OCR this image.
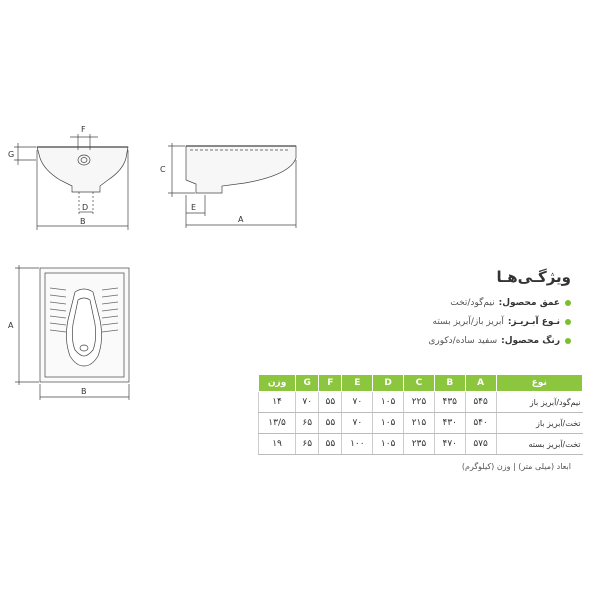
F
G
D
B
C
E
A
A
B
ویژگـی‌هـا
عمق محصول:
نیم‌گود/تخت
نـوع آبـریـز:
آبریز باز/آبریز بسته
رنگ محصول:
سفید ساده/دکوری
نوع	A	B	C	D	E	F	G	وزن
نیم‌گود/آبریز باز	۵۴۵	۴۳۵	۲۲۵	۱۰۵	۷۰	۵۵	۷۰	۱۴
تخت/آبریز باز	۵۴۰	۴۳۰	۲۱۵	۱۰۵	۷۰	۵۵	۶۵	۱۳/۵
تخت/آبریز بسته	۵۷۵	۴۷۰	۲۳۵	۱۰۵	۱۰۰	۵۵	۶۵	۱۹
ابعاد (میلی متر) | وزن (کیلوگرم)
